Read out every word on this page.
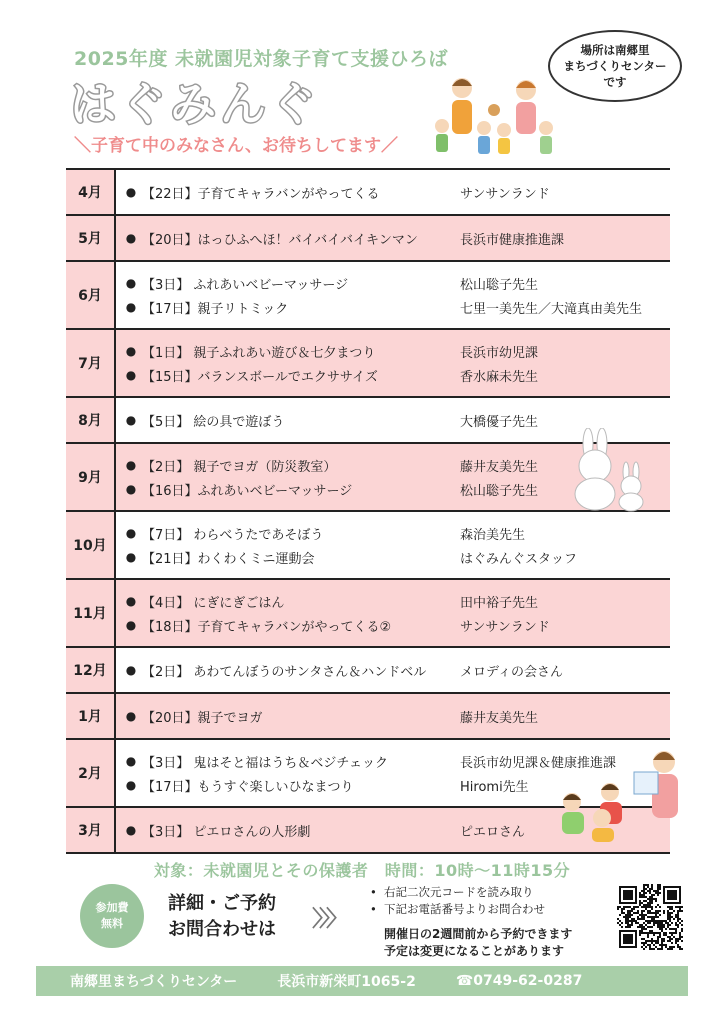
2025年度 未就園児対象子育て支援ひろば
はぐみんぐ
＼子育て中のみなさん、お待ちしてます／
場所は南郷里
まちづくりセンター
です
4月	● 【22日】子育てキャラバンがやってくる	サンサンランド
5月	● 【20日】はっひふへほ！バイバイバイキンマン	長浜市健康推進課
6月
● 【3日】 ふれあいベビーマッサージ	松山聡子先生
● 【17日】親子リトミック	七里一美先生／大滝真由美先生
7月
● 【1日】 親子ふれあい遊び＆七夕まつり	長浜市幼児課
● 【15日】バランスボールでエクササイズ	香水麻未先生
8月	● 【5日】 絵の具で遊ぼう	大橋優子先生
9月
● 【2日】 親子でヨガ（防災教室）	藤井友美先生
● 【16日】ふれあいベビーマッサージ	松山聡子先生
10月
● 【7日】 わらべうたであそぼう	森治美先生
● 【21日】わくわくミニ運動会	はぐみんぐスタッフ
11月
● 【4日】 にぎにぎごはん	田中裕子先生
● 【18日】子育てキャラバンがやってくる②	サンサンランド
12月	● 【2日】 あわてんぼうのサンタさん＆ハンドベル	メロディの会さん
1月	● 【20日】親子でヨガ	藤井友美先生
2月
● 【3日】 鬼はそと福はうち＆ベジチェック	長浜市幼児課＆健康推進課
● 【17日】もうすぐ楽しいひなまつり	Hiromi先生
3月	● 【3日】 ピエロさんの人形劇	ピエロさん
対象：未就園児とその保護者　時間：10時～11時15分
参加費
無料
詳細・ご予約
お問合わせは 〉〉〉
• 右記二次元コードを読み取り
• 下記お電話番号よりお問合わせ
開催日の2週間前から予約できます
予定は変更になることがあります
南郷里まちづくりセンター	長浜市新栄町1065-2	☎0749-62-0287
